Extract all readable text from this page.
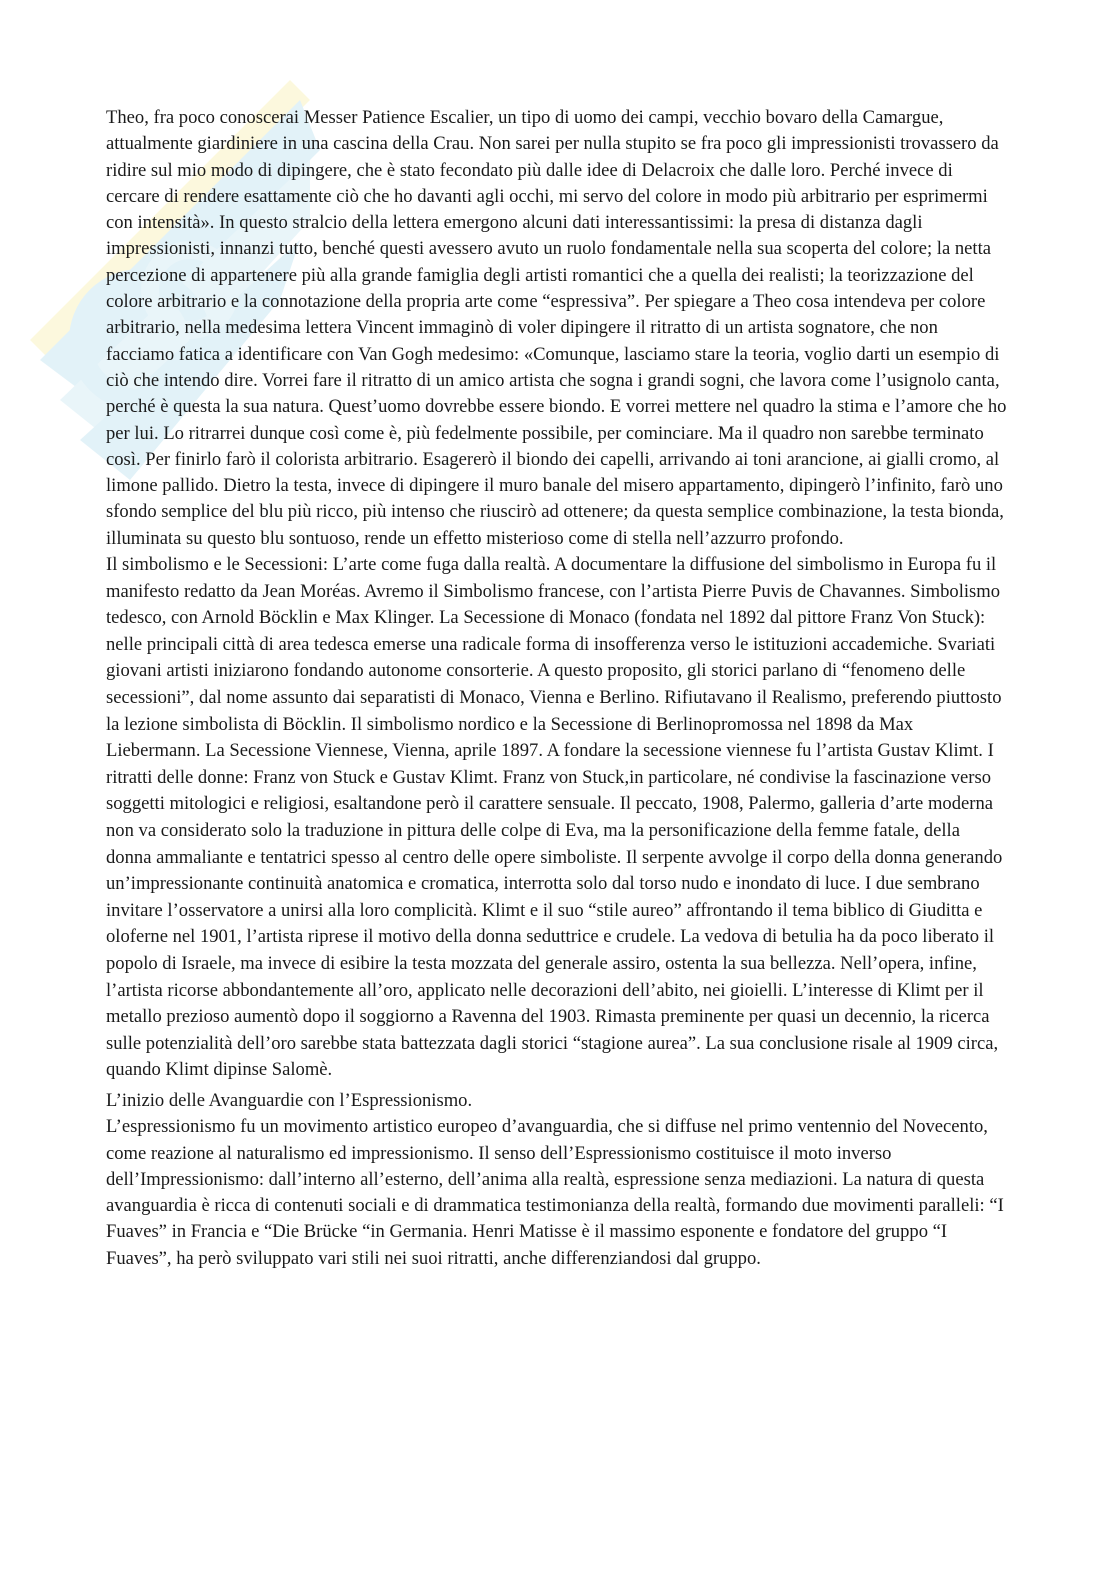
Theo, fra poco conoscerai Messer Patience Escalier, un tipo di uomo dei campi, vecchio bovaro della Camargue, attualmente giardiniere in una cascina della Crau. Non sarei per nulla stupito se fra poco gli impressionisti trovassero da ridire sul mio modo di dipingere, che è stato fecondato più dalle idee di Delacroix che dalle loro. Perché invece di cercare di rendere esattamente ciò che ho davanti agli occhi, mi servo del colore in modo più arbitrario per esprimermi con intensità». In questo stralcio della lettera emergono alcuni dati interessantissimi: la presa di distanza dagli impressionisti, innanzi tutto, benché questi avessero avuto un ruolo fondamentale nella sua scoperta del colore; la netta percezione di appartenere più alla grande famiglia degli artisti romantici che a quella dei realisti; la teorizzazione del colore arbitrario e la connotazione della propria arte come “espressiva”. Per spiegare a Theo cosa intendeva per colore arbitrario, nella medesima lettera Vincent immaginò di voler dipingere il ritratto di un artista sognatore, che non facciamo fatica a identificare con Van Gogh medesimo: «Comunque, lasciamo stare la teoria, voglio darti un esempio di ciò che intendo dire. Vorrei fare il ritratto di un amico artista che sogna i grandi sogni, che lavora come l’usignolo canta, perché è questa la sua natura. Quest’uomo dovrebbe essere biondo. E vorrei mettere nel quadro la stima e l’amore che ho per lui. Lo ritrarrei dunque così come è, più fedelmente possibile, per cominciare. Ma il quadro non sarebbe terminato così. Per finirlo farò il colorista arbitrario. Esagererò il biondo dei capelli, arrivando ai toni arancione, ai gialli cromo, al limone pallido. Dietro la testa, invece di dipingere il muro banale del misero appartamento, dipingerò l’infinito, farò uno sfondo semplice del blu più ricco, più intenso che riuscirò ad ottenere; da questa semplice combinazione, la testa bionda, illuminata su questo blu sontuoso, rende un effetto misterioso come di stella nell’azzurro profondo.

Il simbolismo e le Secessioni: L’arte come fuga dalla realtà. A documentare la diffusione del simbolismo in Europa fu il manifesto redatto da Jean Moréas. Avremo il Simbolismo francese, con l’artista Pierre Puvis de Chavannes. Simbolismo tedesco, con Arnold Böcklin e Max Klinger. La Secessione di Monaco (fondata nel 1892 dal pittore Franz Von Stuck): nelle principali città di area tedesca emerse una radicale forma di insofferenza verso le istituzioni accademiche. Svariati giovani artisti iniziarono fondando autonome consorterie. A questo proposito, gli storici parlano di “fenomeno delle secessioni”, dal nome assunto dai separatisti di Monaco, Vienna e Berlino. Rifiutavano il Realismo, preferendo piuttosto la lezione simbolista di Böcklin. Il simbolismo nordico e la Secessione di Berlinopromossa nel 1898 da Max Liebermann. La Secessione Viennese, Vienna, aprile 1897. A fondare la secessione viennese fu l’artista Gustav Klimt. I ritratti delle donne: Franz von Stuck e Gustav Klimt. Franz von Stuck,in particolare, né condivise la fascinazione verso soggetti mitologici e religiosi, esaltandone però il carattere sensuale. Il peccato, 1908, Palermo, galleria d’arte moderna non va considerato solo la traduzione in pittura delle colpe di Eva, ma la personificazione della femme fatale, della donna ammaliante e tentatrici spesso al centro delle opere simboliste. Il serpente avvolge il corpo della donna generando un’impressionante continuità anatomica e cromatica, interrotta solo dal torso nudo e inondato di luce. I due sembrano invitare l’osservatore a unirsi alla loro complicità. Klimt e il suo “stile aureo” affrontando il tema biblico di Giuditta e oloferne nel 1901, l’artista riprese il motivo della donna seduttrice e crudele. La vedova di betulia ha da poco liberato il popolo di Israele, ma invece di esibire la testa mozzata del generale assiro, ostenta la sua bellezza. Nell’opera, infine, l’artista ricorse abbondantemente all’oro, applicato nelle decorazioni dell’abito, nei gioielli. L’interesse di Klimt per il metallo prezioso aumentò dopo il soggiorno a Ravenna del 1903. Rimasta preminente per quasi un decennio, la ricerca sulle potenzialità dell’oro sarebbe stata battezzata dagli storici “stagione aurea”. La sua conclusione risale al 1909 circa, quando Klimt dipinse Salomè.

L’inizio delle Avanguardie con l’Espressionismo.

L’espressionismo fu un movimento artistico europeo d’avanguardia, che si diffuse nel primo ventennio del Novecento, come reazione al naturalismo ed impressionismo. Il senso dell’Espressionismo costituisce il moto inverso dell’Impressionismo: dall’interno all’esterno, dell’anima alla realtà, espressione senza mediazioni. La natura di questa avanguardia è ricca di contenuti sociali e di drammatica testimonianza della realtà, formando due movimenti paralleli: “I Fuaves” in Francia e “Die Brücke “in Germania. Henri Matisse è il massimo esponente e fondatore del gruppo “I Fuaves”, ha però sviluppato vari stili nei suoi ritratti, anche differenziandosi dal gruppo.
